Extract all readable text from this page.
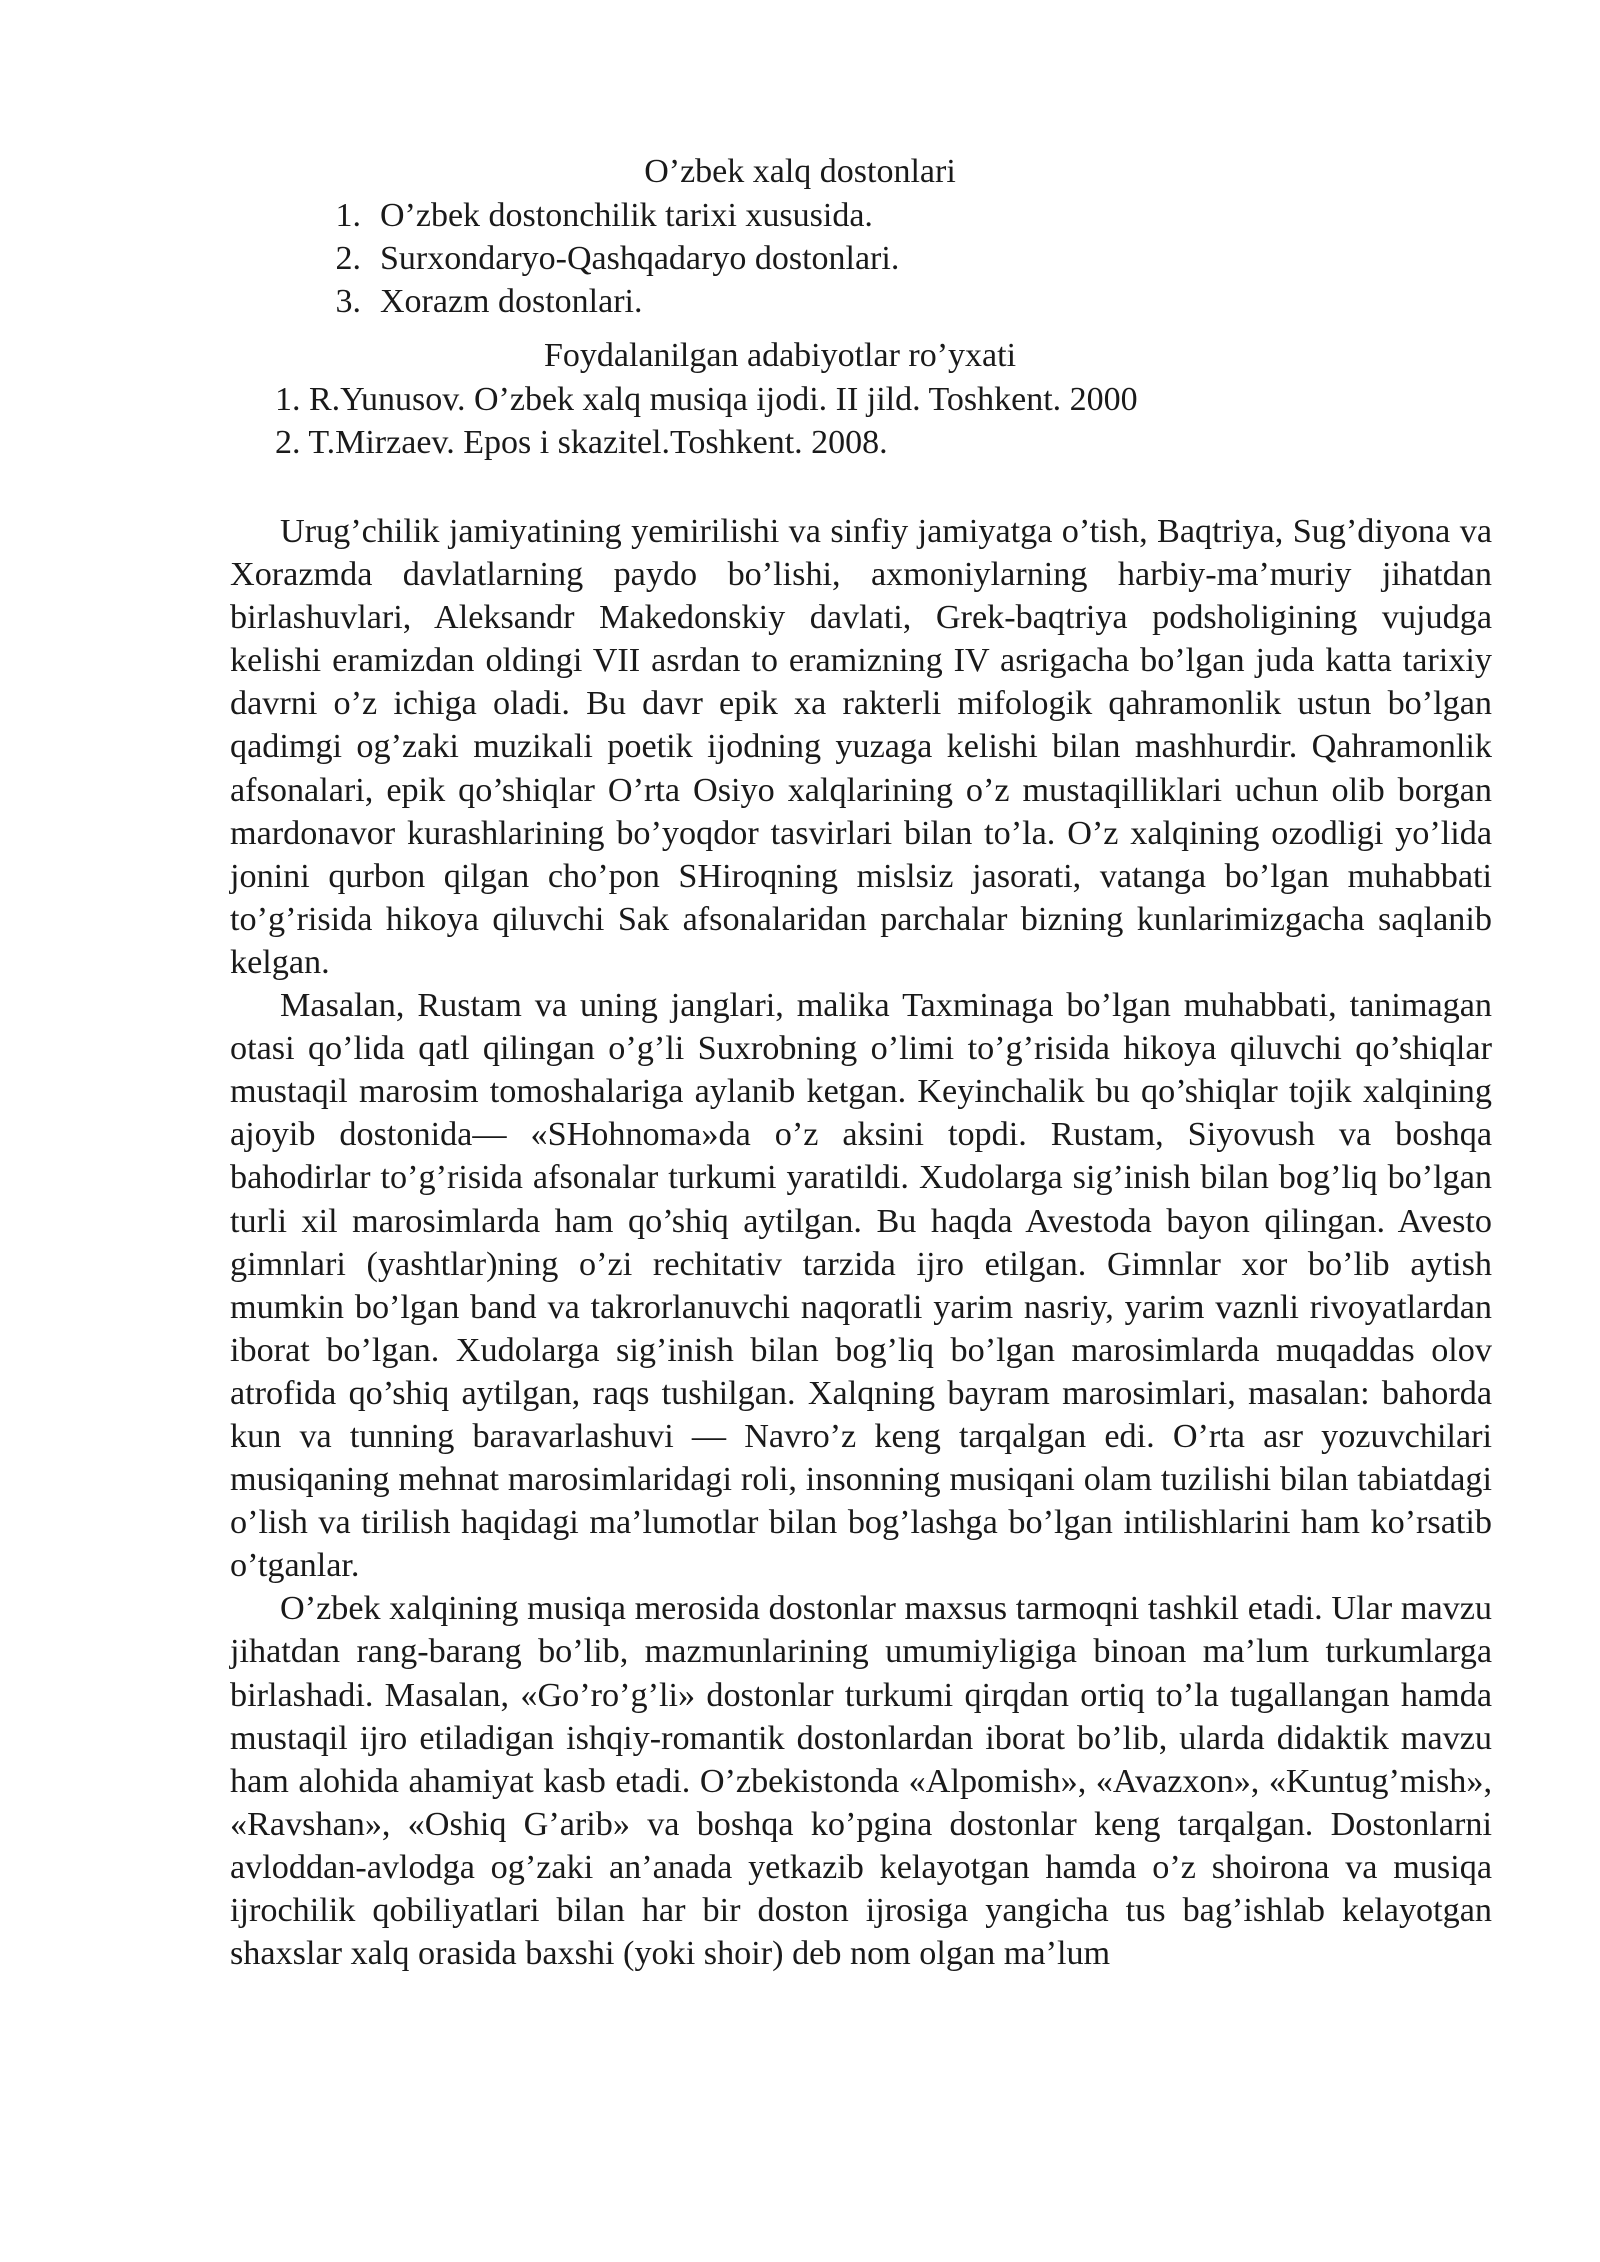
O’zbek xalq dostonlari
1. O’zbek dostonchilik tarixi xususida.
2. Surxondaryo-Qashqadaryo dostonlari.
3. Xorazm dostonlari.
Foydalanilgan adabiyotlar ro’yxati
1. R.Yunusov. O’zbek xalq musiqa ijodi. II jild. Toshkent. 2000
2. T.Mirzaev. Epos i skazitel.Toshkent. 2008.

Urug’chilik jamiyatining yemirilishi va sinfiy jamiyatga o’tish, Baqtriya, Sug’diyona va Xorazmda davlatlarning paydo bo’lishi, axmoniylarning harbiy-ma’muriy jihatdan birlashuvlari, Aleksandr Makedonskiy davlati, Grek-baqtriya podsholigining vujudga kelishi eramizdan oldingi VII asrdan to eramizning IV asrigacha bo’lgan juda katta tarixiy davrni o’z ichiga oladi. Bu davr epik xa rakterli mifologik qahramonlik ustun bo’lgan qadimgi og’zaki muzikali poetik ijodning yuzaga kelishi bilan mashhurdir. Qahramonlik afsonalari, epik qo’shiqlar O’rta Osiyo xalqlarining o’z mustaqilliklari uchun olib borgan mardonavor kurashlarining bo’yoqdor tasvirlari bilan to’la. O’z xalqining ozodligi yo’lida jonini qurbon qilgan cho’pon SHiroqning mislsiz jasorati, vatanga bo’lgan muhabbati to’g’risida hikoya qiluvchi Sak afsonalaridan parchalar bizning kunlarimizgacha saqlanib kelgan.

Masalan, Rustam va uning janglari, malika Taxminaga bo’lgan muhabbati, tanimagan otasi qo’lida qatl qilingan o’g’li Suxrobning o’limi to’g’risida hikoya qiluvchi qo’shiqlar mustaqil marosim tomoshalariga aylanib ketgan. Keyinchalik bu qo’shiqlar tojik xalqining ajoyib dostonida— «SHohnoma»da o’z aksini topdi. Rustam, Siyovush va boshqa bahodirlar to’g’risida afsonalar turkumi yaratildi. Xudolarga sig’inish bilan bog’liq bo’lgan turli xil marosimlarda ham qo’shiq aytilgan. Bu haqda Avestoda bayon qilingan. Avesto gimnlari (yashtlar)ning o’zi rechitativ tarzida ijro etilgan. Gimnlar xor bo’lib aytish mumkin bo’lgan band va takrorlanuvchi naqoratli yarim nasriy, yarim vaznli rivoyatlardan iborat bo’lgan. Xudolarga sig’inish bilan bog’liq bo’lgan marosimlarda muqaddas olov atrofida qo’shiq aytilgan, raqs tushilgan. Xalqning bayram marosimlari, masalan: bahorda kun va tunning baravarlashuvi — Navro’z keng tarqalgan edi. O’rta asr yozuvchilari musiqaning mehnat marosimlaridagi roli, insonning musiqani olam tuzilishi bilan tabiatdagi o’lish va tirilish haqidagi ma’lumotlar bilan bog’lashga bo’lgan intilishlarini ham ko’rsatib o’tganlar.

O’zbek xalqining musiqa merosida dostonlar maxsus tarmoqni tashkil etadi. Ular mavzu jihatdan rang-barang bo’lib, mazmunlarining umumiyligiga binoan ma’lum turkumlarga birlashadi. Masalan, «Go’ro’g’li» dostonlar turkumi qirqdan ortiq to’la tugallangan hamda mustaqil ijro etiladigan ishqiy-romantik dostonlardan iborat bo’lib, ularda didaktik mavzu ham alohida ahamiyat kasb etadi. O’zbekistonda «Alpomish», «Avazxon», «Kuntug’mish», «Ravshan», «Oshiq G’arib» va boshqa ko’pgina dostonlar keng tarqalgan. Dostonlarni avloddan-avlodga og’zaki an’anada yetkazib kelayotgan hamda o’z shoirona va musiqa ijrochilik qobiliyatlari bilan har bir doston ijrosiga yangicha tus bag’ishlab kelayotgan shaxslar xalq orasida baxshi (yoki shoir) deb nom olgan ma’lum
